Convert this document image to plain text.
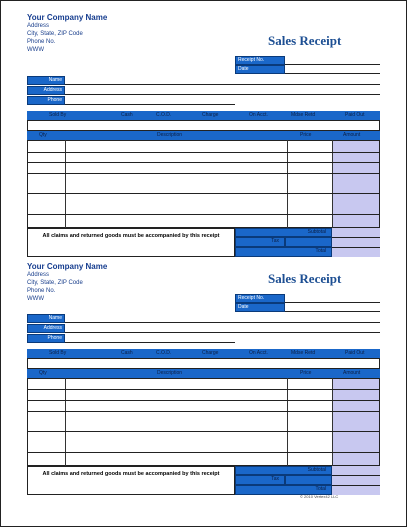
Your Company Name
Address
City, State, ZIP Code
Phone No.
WWW
Sales Receipt
Receipt No.
Date
Name
Address
Phone
Sold By	Cash	C.O.D.	Charge	On Acct.	Mdse Retd	Paid Out
Qty	Description	Price	Amount
All claims and returned goods must be accompanied by this receipt
Subtotal
Tax
Total
Your Company Name
Address
City, State, ZIP Code
Phone No.
WWW
Sales Receipt
Receipt No.
Date
Name
Address
Phone
Sold By	Cash	C.O.D.	Charge	On Acct.	Mdse Retd	Paid Out
Qty	Description	Price	Amount
All claims and returned goods must be accompanied by this receipt
Subtotal
Tax
Total
© 2010 Vertex42 LLC
